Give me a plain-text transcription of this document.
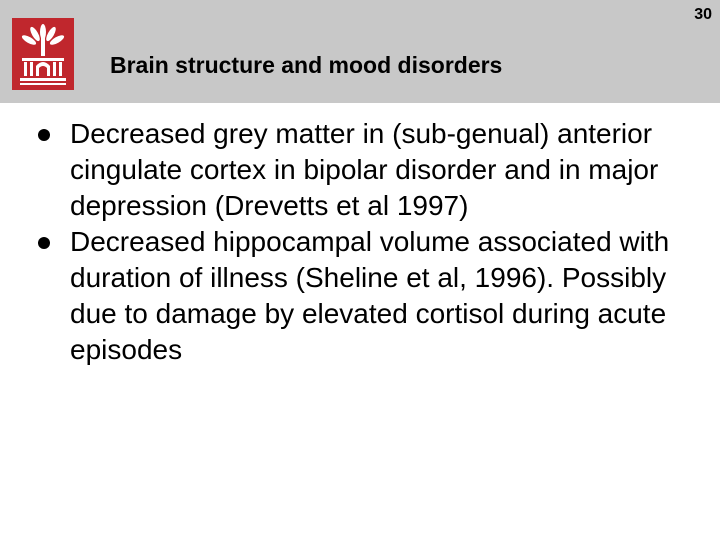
30
Brain structure and mood disorders
Decreased grey matter in (sub-genual) anterior cingulate cortex in bipolar disorder and in major depression (Drevetts et al 1997)
Decreased hippocampal volume associated with duration of illness (Sheline et al, 1996). Possibly due to damage by elevated cortisol during acute episodes
